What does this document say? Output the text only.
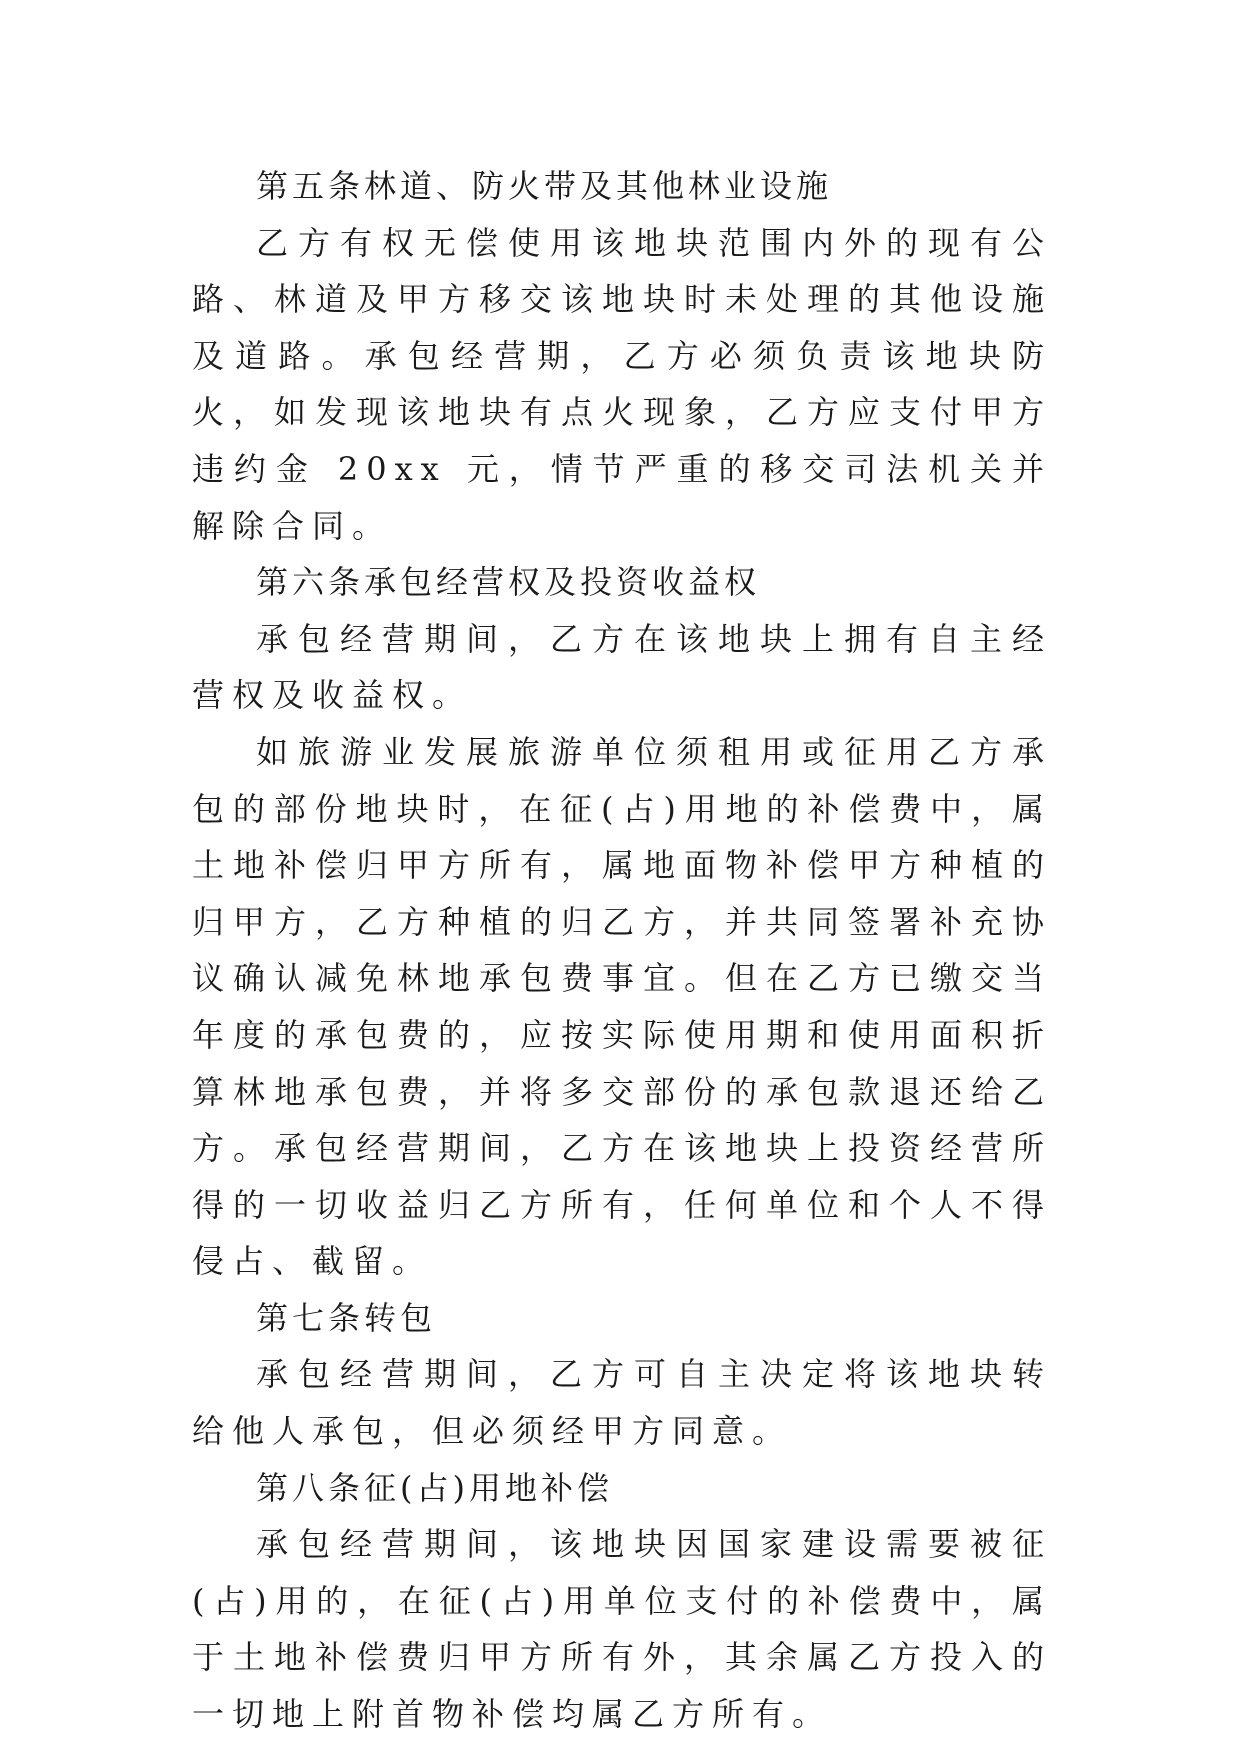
第五条林道、防火带及其他林业设施

乙方有权无偿使用该地块范围内外的现有公路、林道及甲方移交该地块时未处理的其他设施及道路。承包经营期，乙方必须负责该地块防火，如发现该地块有点火现象，乙方应支付甲方违约金 20xx 元，情节严重的移交司法机关并解除合同。

第六条承包经营权及投资收益权

承包经营期间，乙方在该地块上拥有自主经营权及收益权。

如旅游业发展旅游单位须租用或征用乙方承包的部份地块时，在征(占)用地的补偿费中，属土地补偿归甲方所有，属地面物补偿甲方种植的归甲方，乙方种植的归乙方，并共同签署补充协议确认减免林地承包费事宜。但在乙方已缴交当年度的承包费的，应按实际使用期和使用面积折算林地承包费，并将多交部份的承包款退还给乙方。承包经营期间，乙方在该地块上投资经营所得的一切收益归乙方所有，任何单位和个人不得侵占、截留。

第七条转包

承包经营期间，乙方可自主决定将该地块转给他人承包，但必须经甲方同意。

第八条征(占)用地补偿

承包经营期间，该地块因国家建设需要被征(占)用的，在征(占)用单位支付的补偿费中，属于土地补偿费归甲方所有外，其余属乙方投入的一切地上附首物补偿均属乙方所有。
